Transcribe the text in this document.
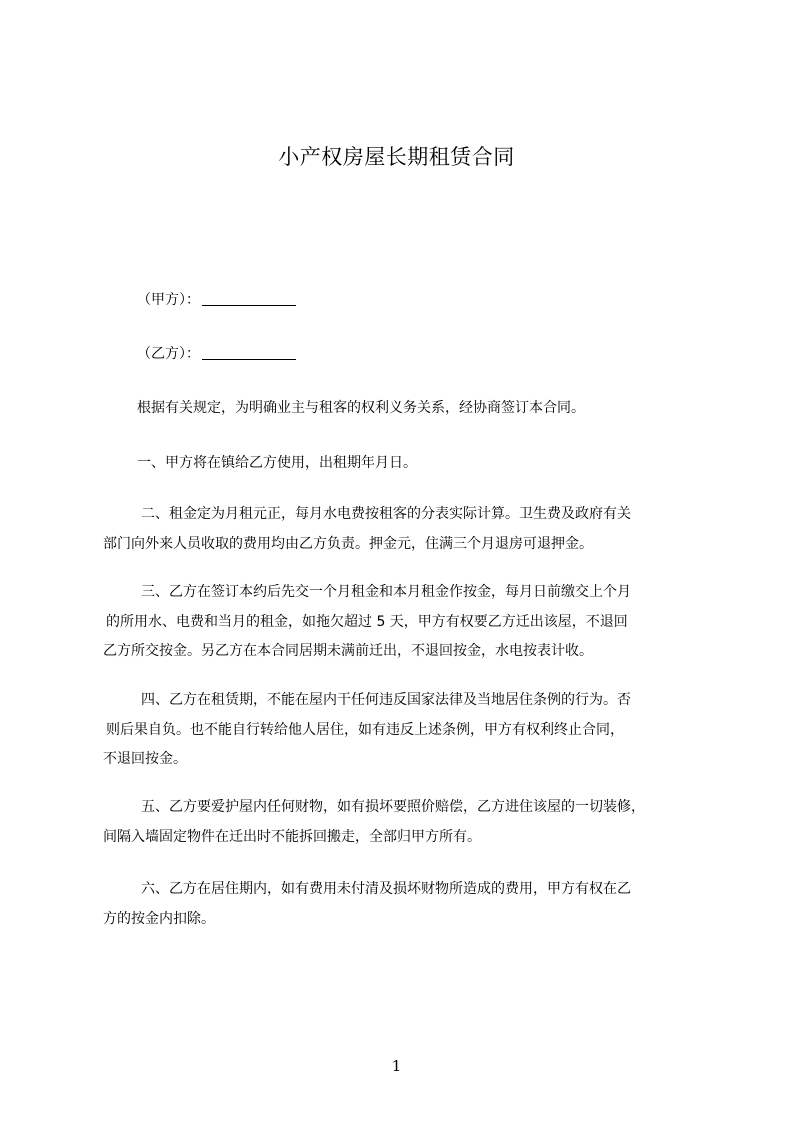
小产权房屋长期租赁合同
（甲方）：
（乙方）：

根据有关规定，为明确业主与租客的权利义务关系，经协商签订本合同。

一、甲方将在镇给乙方使用，出租期年月日。

二、租金定为月租元正，每月水电费按租客的分表实际计算。卫生费及政府有关

部门向外来人员收取的费用均由乙方负责。押金元，住满三个月退房可退押金。

三、乙方在签订本约后先交一个月租金和本月租金作按金，每月日前缴交上个月

的所用水、电费和当月的租金，如拖欠超过 5 天，甲方有权要乙方迁出该屋，不退回

乙方所交按金。另乙方在本合同居期未满前迁出，不退回按金，水电按表计收。

四、乙方在租赁期，不能在屋内干任何违反国家法律及当地居住条例的行为。否

则后果自负。也不能自行转给他人居住，如有违反上述条例，甲方有权利终止合同，

不退回按金。

五、乙方要爱护屋内任何财物，如有损坏要照价赔偿，乙方进住该屋的一切装修，

间隔入墙固定物件在迁出时不能拆回搬走，全部归甲方所有。

六、乙方在居住期内，如有费用未付清及损坏财物所造成的费用，甲方有权在乙

方的按金内扣除。

1
